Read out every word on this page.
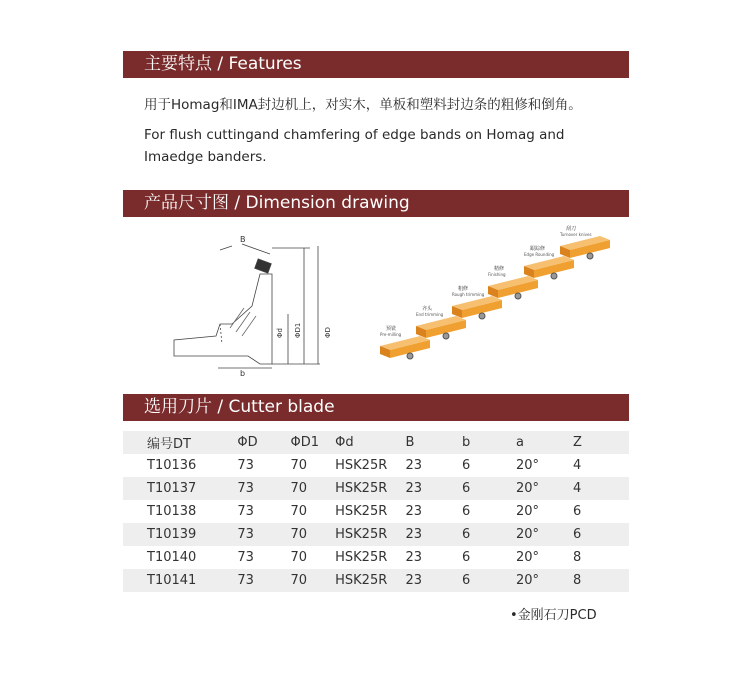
主要特点 / Features
用于Homag和IMA封边机上，对实木，单板和塑料封边条的粗修和倒角。
For flush cuttingand chamfering of edge bands on Homag and Imaedge banders.
产品尺寸图 / Dimension drawing
B
b
Φd ΦD1	ΦD	预铣
Pre-milling
齐头
End trimming
粗修
Rough trimming
精修
Finishing
跟踪修
Edge Rounding
刮刀
Turnover knives
选用刀片 / Cutter blade
编号DT	ΦD	ΦD1	Φd	B	b	a	Z
T10136	73	70	HSK25R	23	6	20°	4
T10137	73	70	HSK25R	23	6	20°	4
T10138	73	70	HSK25R	23	6	20°	6
T10139	73	70	HSK25R	23	6	20°	6
T10140	73	70	HSK25R	23	6	20°	8
T10141	73	70	HSK25R	23	6	20°	8
•金刚石刀PCD
